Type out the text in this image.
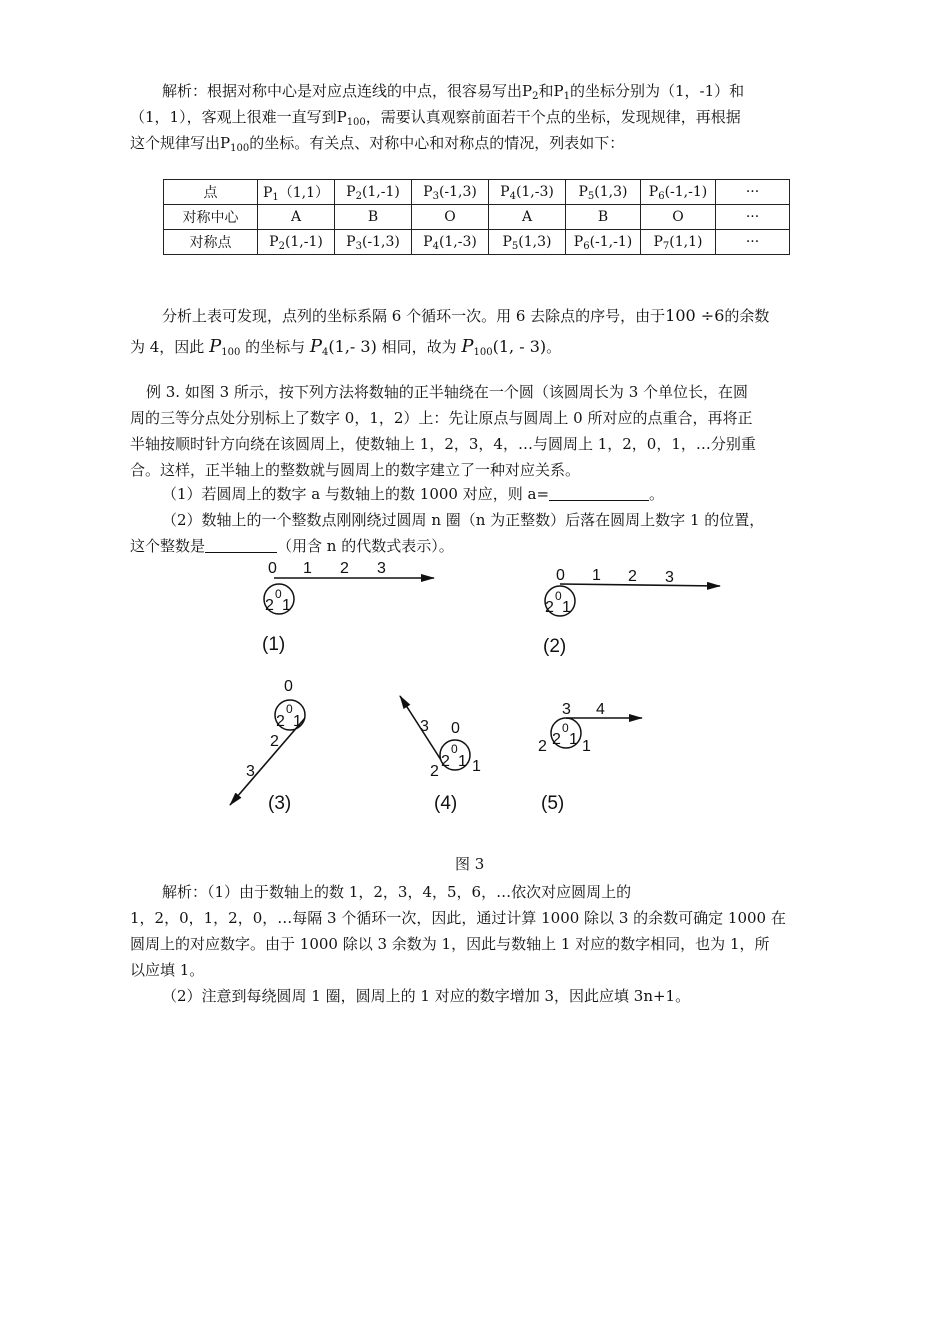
解析：根据对称中心是对应点连线的中点，很容易写出$P_2$和$P_1$的坐标分别为（1，-1）和

（1，1），客观上很难一直写到$P_{100}$，需要认真观察前面若干个点的坐标，发现规律，再根据

这个规律写出$P_{100}$的坐标。有关点、对称中心和对称点的情况，列表如下：

点	$P_1(1,1)$	$P_2(1,-1)$	$P_3(-1,3)$	$P_4(1,-3)$	$P_5(1,3)$	$P_6(-1,-1)$	···
对称中心	A	B	O	A	B	O	···
对称点	$P_2(1,-1)$	$P_3(-1,3)$	$P_4(1,-3)$	$P_5(1,3)$	$P_6(-1,-1)$	$P_7(1,1)$	···

分析上表可发现，点列的坐标系隔 6 个循环一次。用 6 去除点的序号，由于100 ÷6的余数

为 4，因此 $P_{100}$ 的坐标与 $P_4(1,-$ 3) 相同，故为 $P_{100}(1$, - 3)。

例 3. 如图 3 所示，按下列方法将数轴的正半轴绕在一个圆（该圆周长为 3 个单位长，在圆

周的三等分点处分别标上了数字 0，1，2）上：先让原点与圆周上 0 所对应的点重合，再将正

半轴按顺时针方向绕在该圆周上，使数轴上 1，2，3，4，…与圆周上 1，2，0，1，…分别重

合。这样，正半轴上的整数就与圆周上的数字建立了一种对应关系。

（1）若圆周上的数字 a 与数轴上的数 1000 对应，则 a=	。

（2）数轴上的一个整数点刚刚绕过圆周 n 圈（n 为正整数）后落在圆周上数字 1 的位置，

这个整数是	（用含 n 的代数式表示）。

0 1 2 3
0
2 1
(1)
0 1 2 3
0
2 1
(2)
0
2
3
0
2 1
(3)
3 0
2 1
0
2 1
(4)
3 4
2 1
0
2 1
(5)
图 3

解析：（1）由于数轴上的数 1，2，3，4，5，6，…依次对应圆周上的

1，2，0，1，2，0，…每隔 3 个循环一次，因此，通过计算 1000 除以 3 的余数可确定 1000 在

圆周上的对应数字。由于 1000 除以 3 余数为 1，因此与数轴上 1 对应的数字相同，也为 1，所

以应填 1。

（2）注意到每绕圆周 1 圈，圆周上的 1 对应的数字增加 3，因此应填 3n+1。
